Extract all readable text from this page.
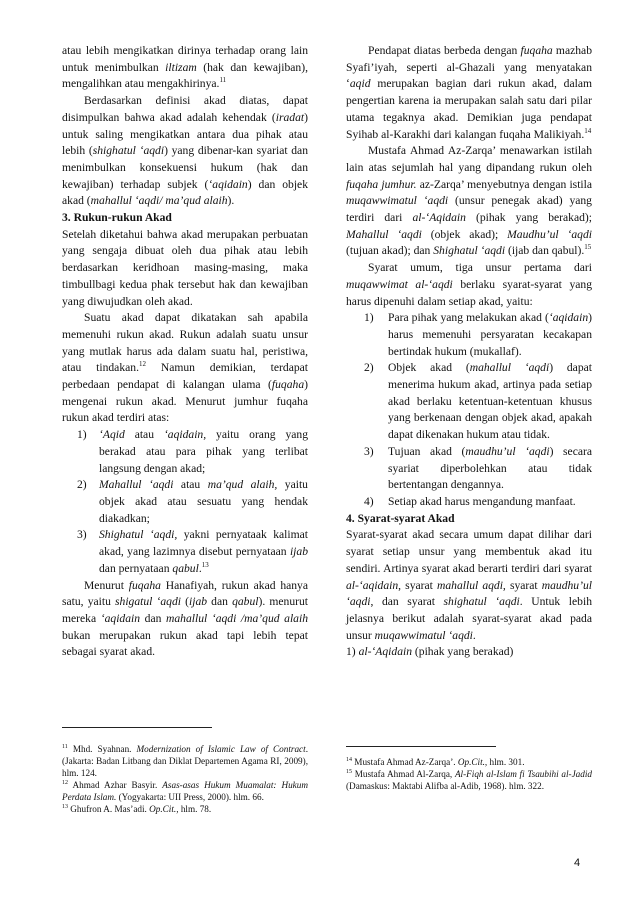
atau lebih mengikatkan dirinya terhadap orang lain untuk menimbulkan iltizam (hak dan kewajiban), mengalihkan atau mengakhirinya.$^{11}$

Berdasarkan definisi akad diatas, dapat disimpulkan bahwa akad adalah kehendak (iradat) untuk saling mengikatkan antara dua pihak atau lebih (shighatul ‘aqdi) yang dibenar-kan syariat dan menimbulkan konsekuensi hukum (hak dan kewajiban) terhadap subjek (‘aqidain) dan objek akad (mahallul ‘aqdi/ ma’qud alaih).

3. Rukun-rukun Akad

Setelah diketahui bahwa akad merupakan perbuatan yang sengaja dibuat oleh dua pihak atau lebih berdasarkan keridhoan masing-masing, maka timbullbagi kedua phak tersebut hak dan kewajiban yang diwujudkan oleh akad.

Suatu akad dapat dikatakan sah apabila memenuhi rukun akad. Rukun adalah suatu unsur yang mutlak harus ada dalam suatu hal, peristiwa, atau tindakan.$^{12}$ Namun demikian, terdapat perbedaan pendapat di kalangan ulama (fuqaha) mengenai rukun akad. Menurut jumhur fuqaha rukun akad terdiri atas:

1) ‘Aqid atau ‘aqidain, yaitu orang yang berakad atau para pihak yang terlibat langsung dengan akad;
2) Mahallul ‘aqdi atau ma’qud alaih, yaitu objek akad atau sesuatu yang hendak diakadkan;
3) Shighatul ‘aqdi, yakni pernyataak kalimat akad, yang lazimnya disebut pernyataan ijab dan pernyataan qabul.$^{13}$

Menurut fuqaha Hanafiyah, rukun akad hanya satu, yaitu shigatul ‘aqdi (ijab dan qabul). menurut mereka ‘aqidain dan mahallul ‘aqdi /ma’qud alaih bukan merupakan rukun akad tapi lebih tepat sebagai syarat akad.

$^{11}$ Mhd. Syahnan. Modernization of Islamic Law of Contract. (Jakarta: Badan Litbang dan Diklat Departemen Agama RI, 2009), hlm. 124.

$^{12}$ Ahmad Azhar Basyir. Asas-asas Hukum Muamalat: Hukum Perdata Islam. (Yogyakarta: UII Press, 2000). hlm. 66.

$^{13}$ Ghufron A. Mas’adi. Op.Cit., hlm. 78.

Pendapat diatas berbeda dengan fuqaha mazhab Syafi’iyah, seperti al-Ghazali yang menyatakan ‘aqid merupakan bagian dari rukun akad, dalam pengertian karena ia merupakan salah satu dari pilar utama tegaknya akad. Demikian juga pendapat Syihab al-Karakhi dari kalangan fuqaha Malikiyah.$^{14}$

Mustafa Ahmad Az-Zarqa’ menawarkan istilah lain atas sejumlah hal yang dipandang rukun oleh fuqaha jumhur. az-Zarqa’ menyebutnya dengan istila muqawwimatul ‘aqdi (unsur penegak akad) yang terdiri dari al-‘Aqidain (pihak yang berakad); Mahallul ‘aqdi (objek akad); Maudhu’ul ‘aqdi (tujuan akad); dan Shighatul ‘aqdi (ijab dan qabul).$^{15}$

Syarat umum, tiga unsur pertama dari muqawwimat al-‘aqdi berlaku syarat-syarat yang harus dipenuhi dalam setiap akad, yaitu:

1) Para pihak yang melakukan akad (‘aqidain) harus memenuhi persyaratan kecakapan bertindak hukum (mukallaf).
2) Objek akad (mahallul ‘aqdi) dapat menerima hukum akad, artinya pada setiap akad berlaku ketentuan-ketentuan khusus yang berkenaan dengan objek akad, apakah dapat dikenakan hukum atau tidak.
3) Tujuan akad (maudhu’ul ‘aqdi) secara syariat diperbolehkan atau tidak bertentangan dengannya.
4) Setiap akad harus mengandung manfaat.
4. Syarat-syarat Akad

Syarat-syarat akad secara umum dapat dilihar dari syarat setiap unsur yang membentuk akad itu sendiri. Artinya syarat akad berarti terdiri dari syarat al-‘aqidain, syarat mahallul aqdi, syarat maudhu’ul ‘aqdi, dan syarat shighatul ‘aqdi. Untuk lebih jelasnya berikut adalah syarat-syarat akad pada unsur muqawwimatul ‘aqdi.

1) al-‘Aqidain (pihak yang berakad)

$^{14}$ Mustafa Ahmad Az-Zarqa’. Op.Cit., hlm. 301.

$^{15}$ Mustafa Ahmad Al-Zarqa, Al-Fiqh al-Islam fi Tsaubihi al-Jadid (Damaskus: Maktabi Alifba al-Adib, 1968). hlm. 322.

4
